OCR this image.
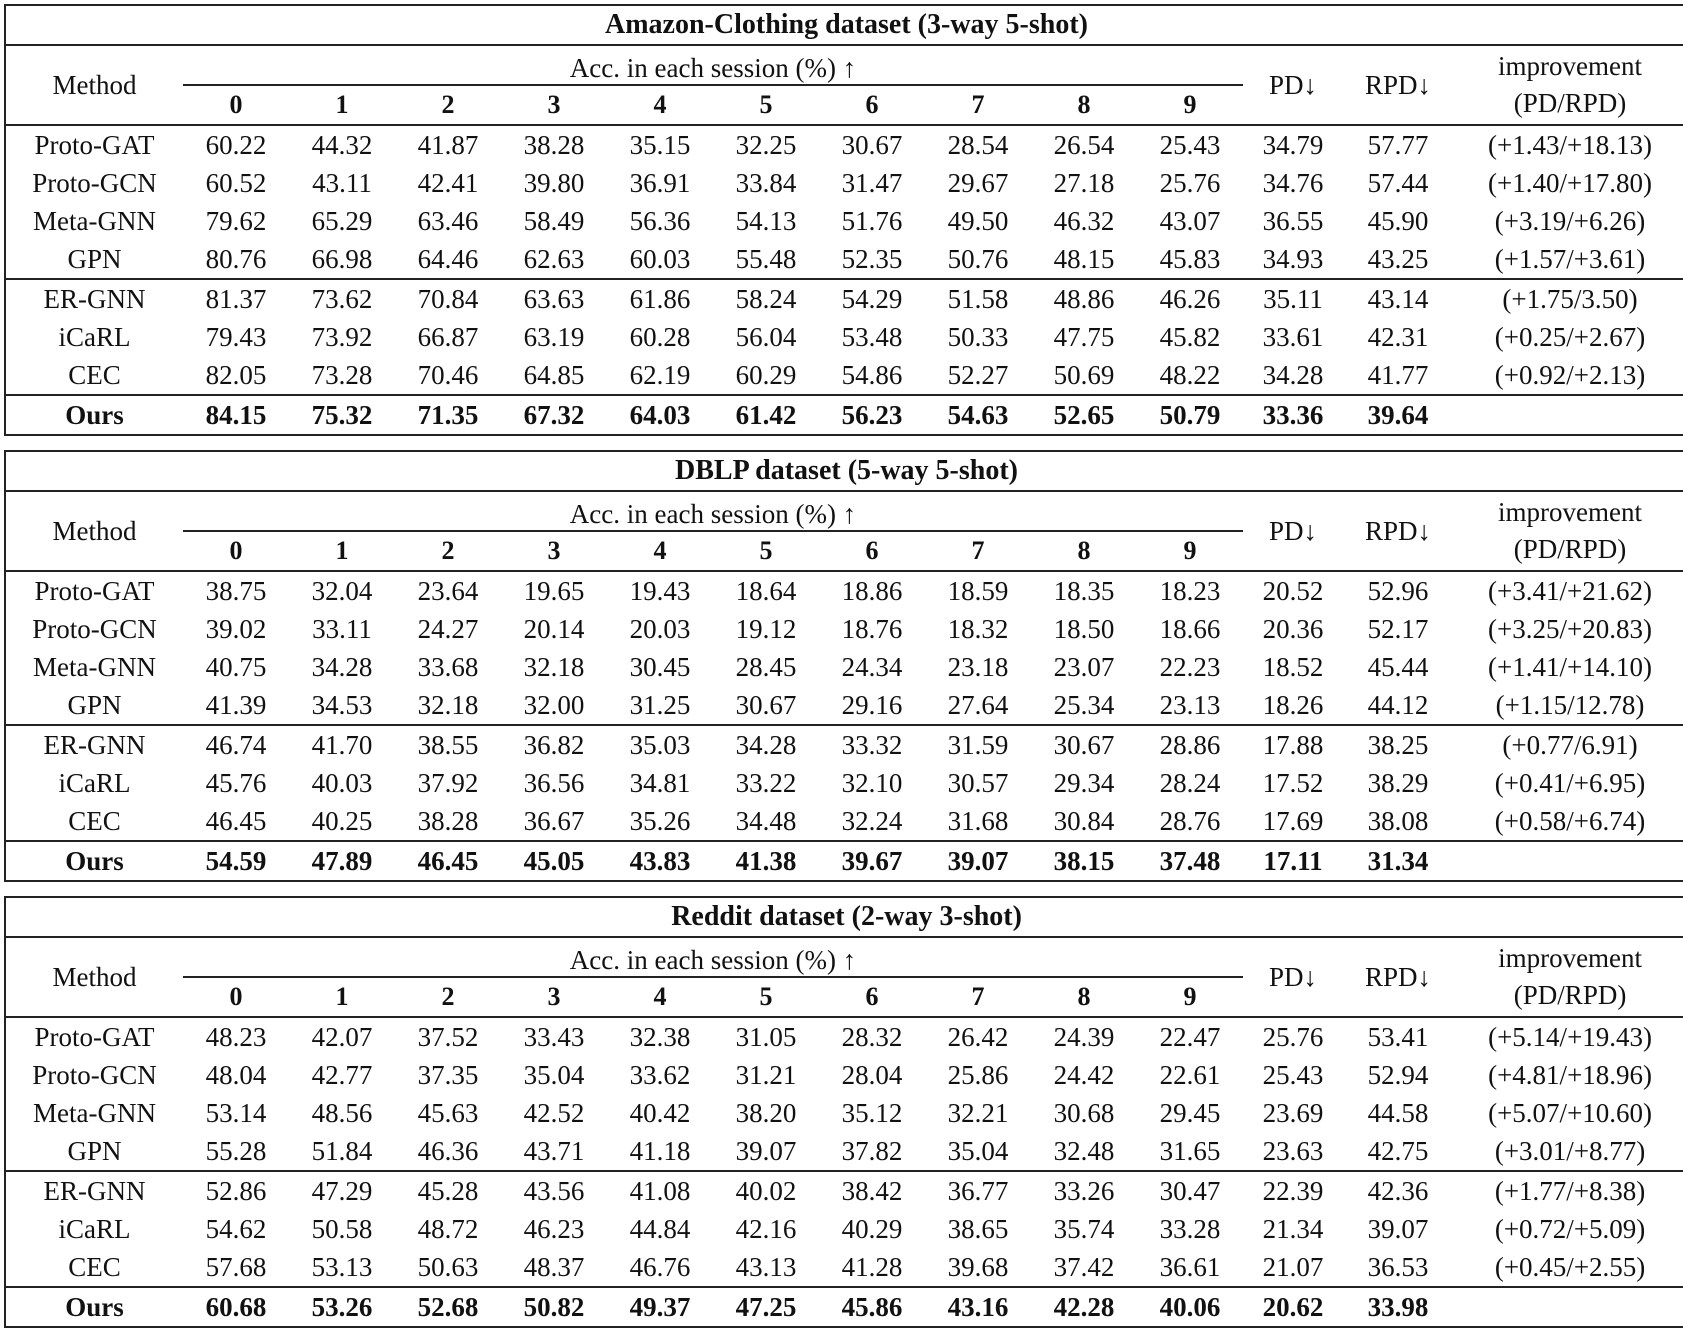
Amazon-Clothing dataset (3-way 5-shot)													
Method	Acc. in each session (%) ↑										PD↓	RPD↓	improvement
(PD/RPD)

	0	1	2	3	4	5	6	7	8	9			
Proto-GAT	60.22	44.32	41.87	38.28	35.15	32.25	30.67	28.54	26.54	25.43	34.79	57.77	(+1.43/+18.13)
Proto-GCN	60.52	43.11	42.41	39.80	36.91	33.84	31.47	29.67	27.18	25.76	34.76	57.44	(+1.40/+17.80)
Meta-GNN	79.62	65.29	63.46	58.49	56.36	54.13	51.76	49.50	46.32	43.07	36.55	45.90	(+3.19/+6.26)
GPN	80.76	66.98	64.46	62.63	60.03	55.48	52.35	50.76	48.15	45.83	34.93	43.25	(+1.57/+3.61)
ER-GNN	81.37	73.62	70.84	63.63	61.86	58.24	54.29	51.58	48.86	46.26	35.11	43.14	(+1.75/3.50)
iCaRL	79.43	73.92	66.87	63.19	60.28	56.04	53.48	50.33	47.75	45.82	33.61	42.31	(+0.25/+2.67)
CEC	82.05	73.28	70.46	64.85	62.19	60.29	54.86	52.27	50.69	48.22	34.28	41.77	(+0.92/+2.13)
Ours	84.15	75.32	71.35	67.32	64.03	61.42	56.23	54.63	52.65	50.79	33.36	39.64	
DBLP dataset (5-way 5-shot)													
Method	Acc. in each session (%) ↑										PD↓	RPD↓	improvement
(PD/RPD)

	0	1	2	3	4	5	6	7	8	9			
Proto-GAT	38.75	32.04	23.64	19.65	19.43	18.64	18.86	18.59	18.35	18.23	20.52	52.96	(+3.41/+21.62)
Proto-GCN	39.02	33.11	24.27	20.14	20.03	19.12	18.76	18.32	18.50	18.66	20.36	52.17	(+3.25/+20.83)
Meta-GNN	40.75	34.28	33.68	32.18	30.45	28.45	24.34	23.18	23.07	22.23	18.52	45.44	(+1.41/+14.10)
GPN	41.39	34.53	32.18	32.00	31.25	30.67	29.16	27.64	25.34	23.13	18.26	44.12	(+1.15/12.78)
ER-GNN	46.74	41.70	38.55	36.82	35.03	34.28	33.32	31.59	30.67	28.86	17.88	38.25	(+0.77/6.91)
iCaRL	45.76	40.03	37.92	36.56	34.81	33.22	32.10	30.57	29.34	28.24	17.52	38.29	(+0.41/+6.95)
CEC	46.45	40.25	38.28	36.67	35.26	34.48	32.24	31.68	30.84	28.76	17.69	38.08	(+0.58/+6.74)
Ours	54.59	47.89	46.45	45.05	43.83	41.38	39.67	39.07	38.15	37.48	17.11	31.34	
Reddit dataset (2-way 3-shot)													
Method	Acc. in each session (%) ↑										PD↓	RPD↓	improvement
(PD/RPD)

	0	1	2	3	4	5	6	7	8	9			
Proto-GAT	48.23	42.07	37.52	33.43	32.38	31.05	28.32	26.42	24.39	22.47	25.76	53.41	(+5.14/+19.43)
Proto-GCN	48.04	42.77	37.35	35.04	33.62	31.21	28.04	25.86	24.42	22.61	25.43	52.94	(+4.81/+18.96)
Meta-GNN	53.14	48.56	45.63	42.52	40.42	38.20	35.12	32.21	30.68	29.45	23.69	44.58	(+5.07/+10.60)
GPN	55.28	51.84	46.36	43.71	41.18	39.07	37.82	35.04	32.48	31.65	23.63	42.75	(+3.01/+8.77)
ER-GNN	52.86	47.29	45.28	43.56	41.08	40.02	38.42	36.77	33.26	30.47	22.39	42.36	(+1.77/+8.38)
iCaRL	54.62	50.58	48.72	46.23	44.84	42.16	40.29	38.65	35.74	33.28	21.34	39.07	(+0.72/+5.09)
CEC	57.68	53.13	50.63	48.37	46.76	43.13	41.28	39.68	37.42	36.61	21.07	36.53	(+0.45/+2.55)
Ours	60.68	53.26	52.68	50.82	49.37	47.25	45.86	43.16	42.28	40.06	20.62	33.98	
